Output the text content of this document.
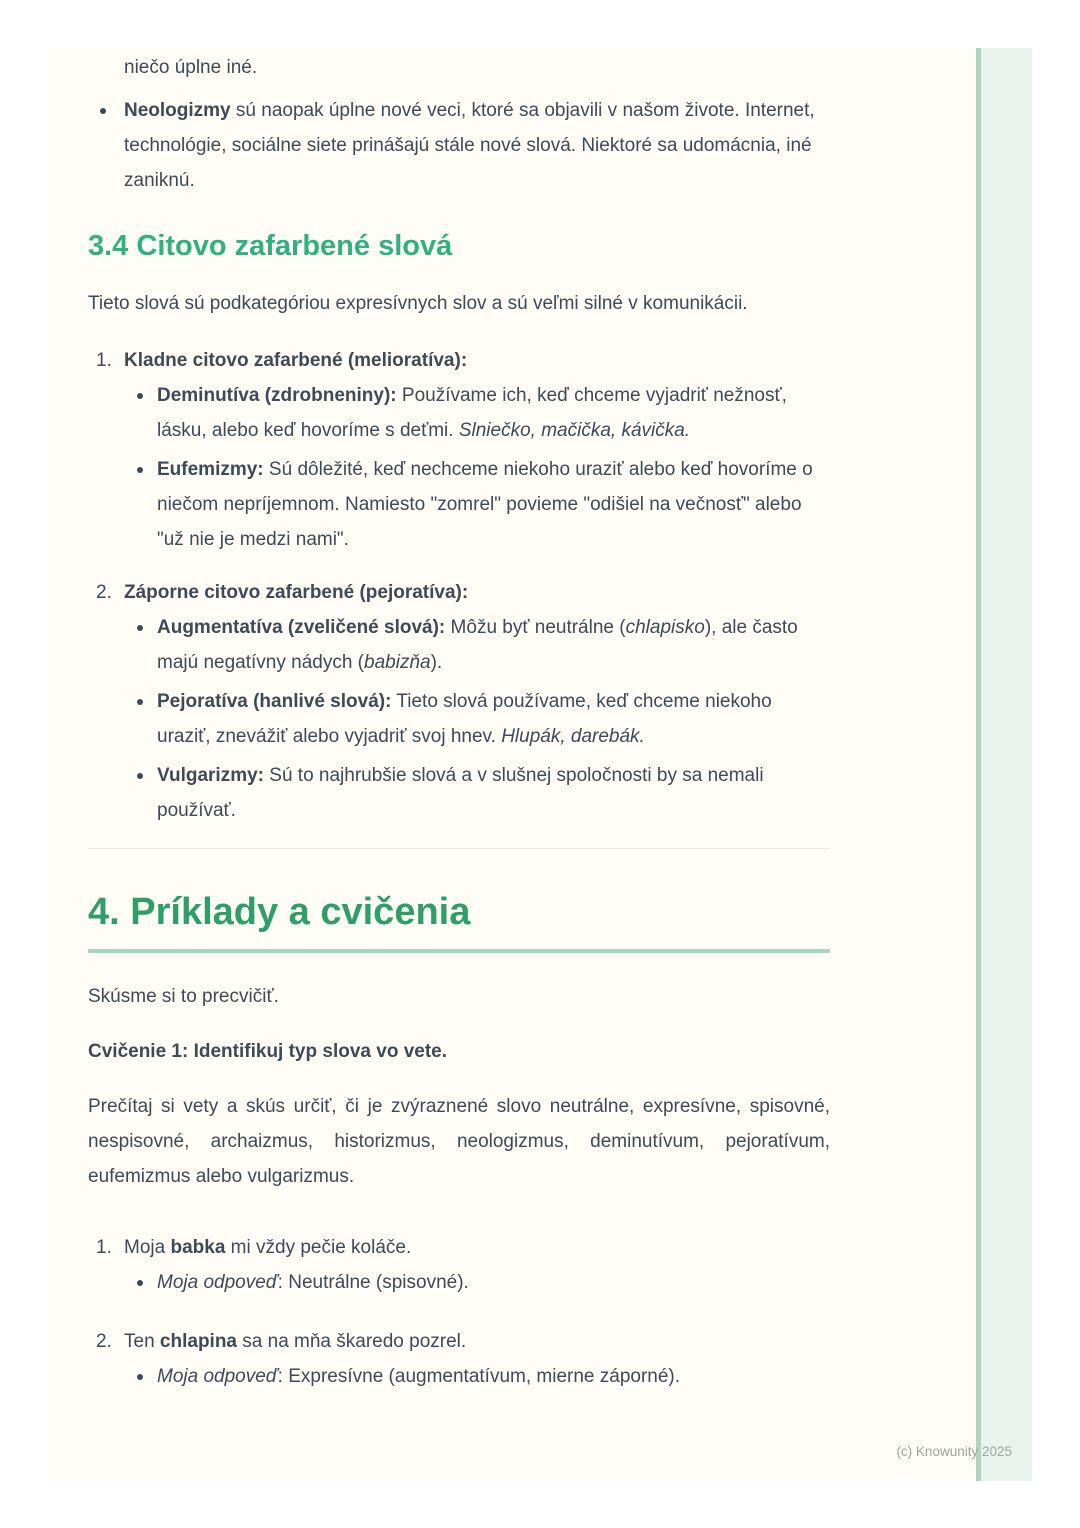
niečo úplne iné.
Neologizmy sú naopak úplne nové veci, ktoré sa objavili v našom živote. Internet, technológie, sociálne siete prinášajú stále nové slová. Niektoré sa udomácnia, iné zaniknú.
3.4 Citovo zafarbené slová

Tieto slová sú podkategóriou expresívnych slov a sú veľmi silné v komunikácii.

1. Kladne citovo zafarbené (melioratíva):
Deminutíva (zdrobneniny): Používame ich, keď chceme vyjadriť nežnosť, lásku, alebo keď hovoríme s deťmi. Slniečko, mačička, kávička.
Eufemizmy: Sú dôležité, keď nechceme niekoho uraziť alebo keď hovoríme o niečom nepríjemnom. Namiesto "zomrel" povieme "odišiel na večnosť" alebo "už nie je medzi nami".
2. Záporne citovo zafarbené (pejoratíva):
Augmentatíva (zveličené slová): Môžu byť neutrálne (chlapisko), ale často majú negatívny nádych (babizňa).
Pejoratíva (hanlivé slová): Tieto slová používame, keď chceme niekoho uraziť, znevážiť alebo vyjadriť svoj hnev. Hlupák, darebák.
Vulgarizmy: Sú to najhrubšie slová a v slušnej spoločnosti by sa nemali používať.
4. Príklady a cvičenia

Skúsme si to precvičiť.

Cvičenie 1: Identifikuj typ slova vo vete.

Prečítaj si vety a skús určiť, či je zvýraznené slovo neutrálne, expresívne, spisovné, nespisovné, archaizmus, historizmus, neologizmus, deminutívum, pejoratívum, eufemizmus alebo vulgarizmus.

1. Moja babka mi vždy pečie koláče.
Moja odpoveď: Neutrálne (spisovné).
2. Ten chlapina sa na mňa škaredo pozrel.
Moja odpoveď: Expresívne (augmentatívum, mierne záporné).
(c) Knowunity 2025
